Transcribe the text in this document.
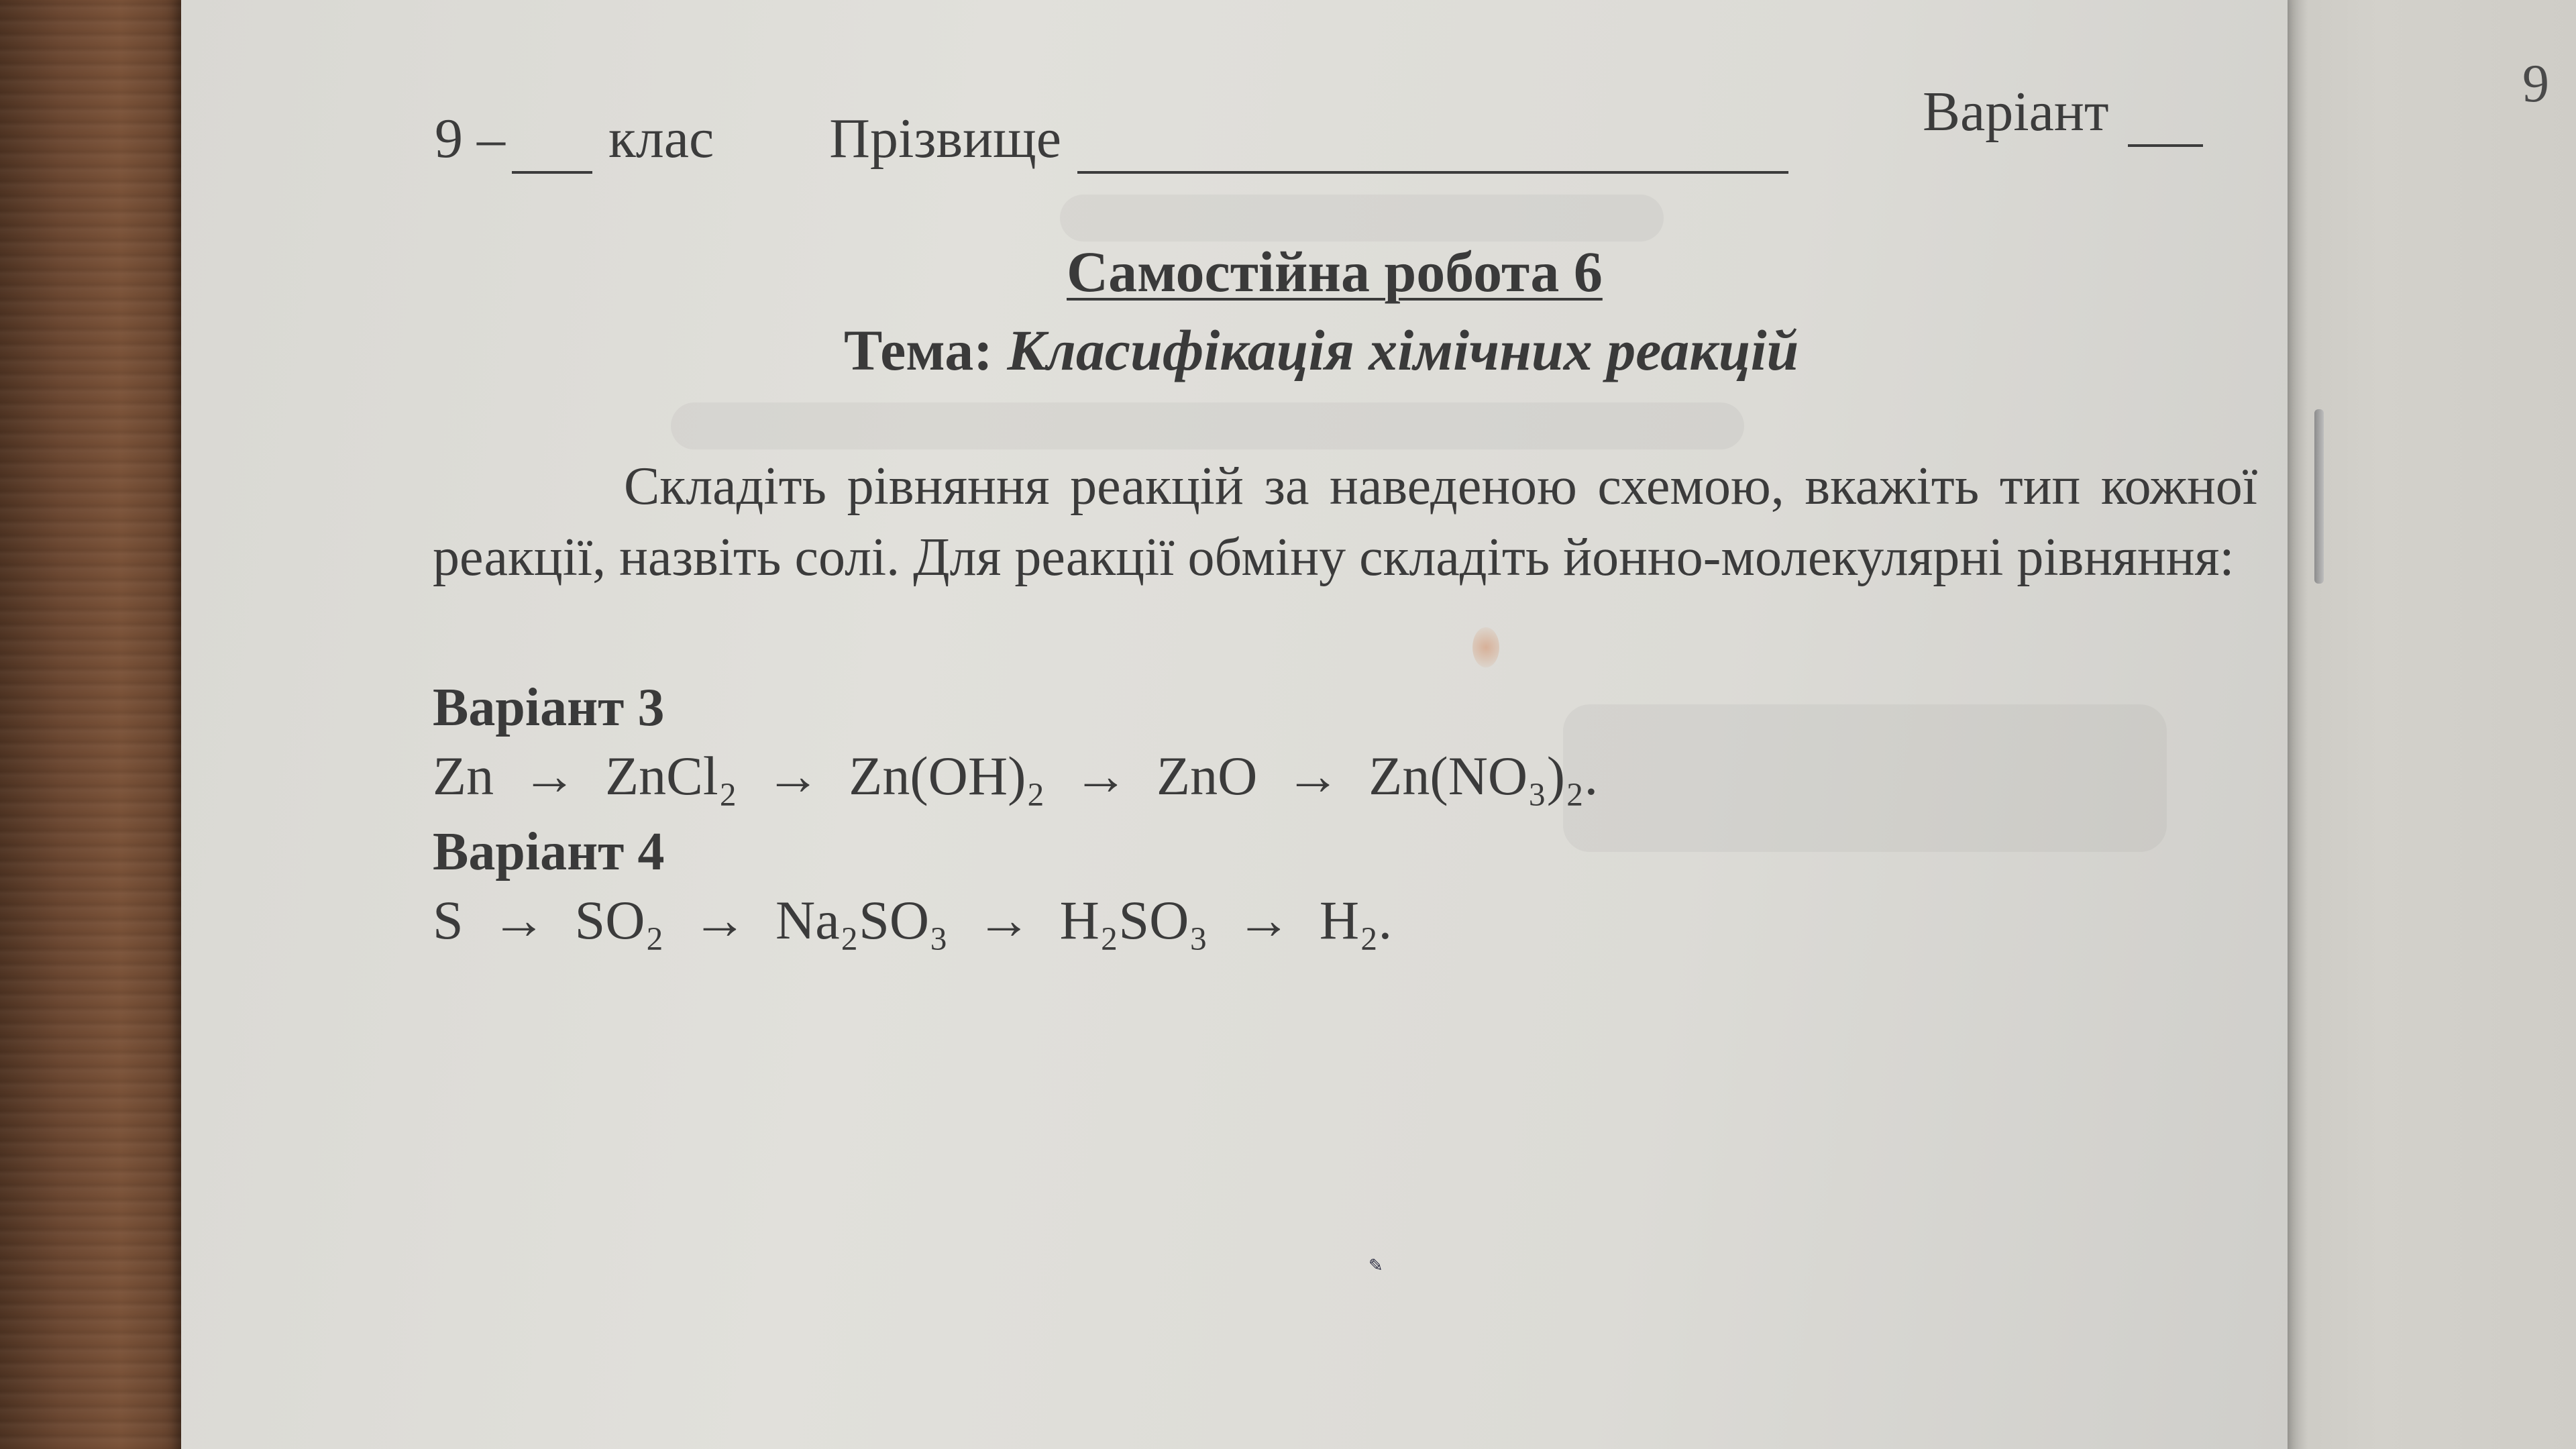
9
9 – клас Прізвище	Варіант
Самостійна робота 6
Тема: Класифікація хімічних реакцій
Складіть рівняння реакцій за наведеною схемою, вкажіть тип кожної реакції, назвіть солі. Для реакції обміну складіть йонно-молекулярні рівняння:
Варіант 3
Zn → ZnCl₂ → Zn(OH)₂ → ZnO → Zn(NO₃)₂.
Варіант 4
S → SO₂ → Na₂SO₃ → H₂SO₃ → H₂.
